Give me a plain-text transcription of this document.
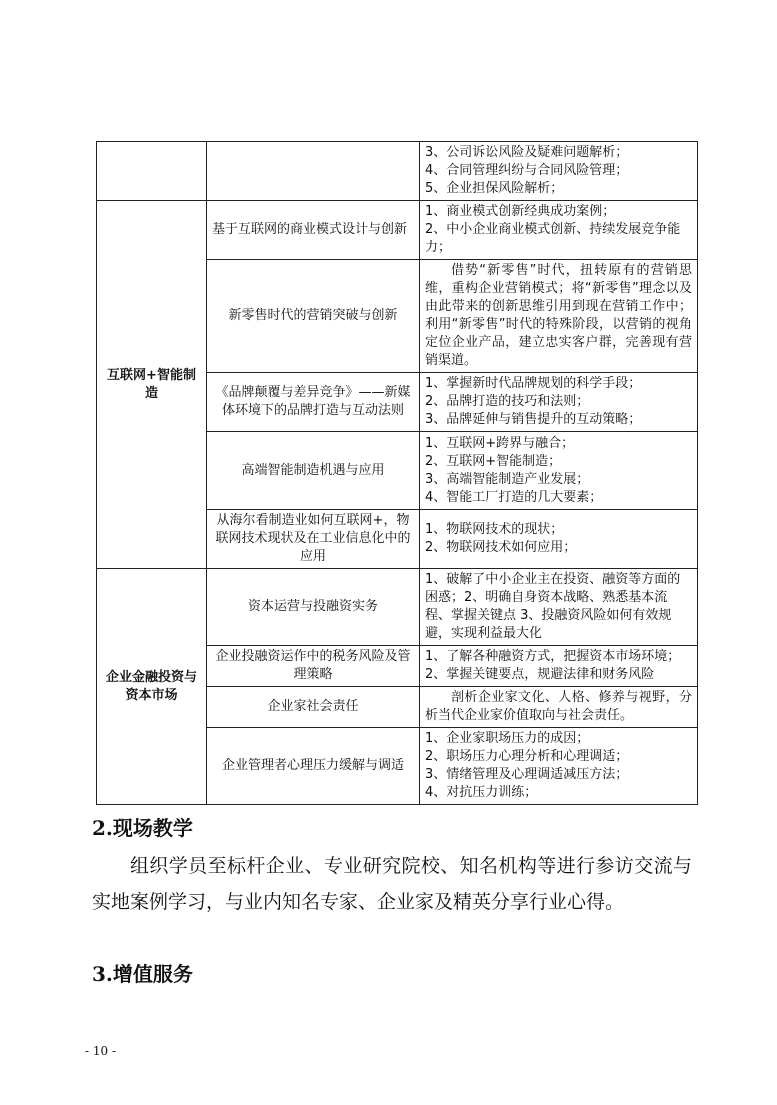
		3、公司诉讼风险及疑难问题解析；
4、合同管理纠纷与合同风险管理；
5、企业担保风险解析；

互联网+智能制造	基于互联网的商业模式设计与创新	1、商业模式创新经典成功案例；
2、中小企业商业模式创新、持续发展竞争能力；

	新零售时代的营销突破与创新	借势“新零售”时代，扭转原有的营销思维，重构企业营销模式；将“新零售”理念以及由此带来的创新思维引用到现在营销工作中；利用“新零售”时代的特殊阶段，以营销的视角定位企业产品，建立忠实客户群，完善现有营销渠道。

	《品牌颠覆与差异竞争》——新媒体环境下的品牌打造与互动法则	1、掌握新时代品牌规划的科学手段；
2、品牌打造的技巧和法则；
3、品牌延伸与销售提升的互动策略；

	高端智能制造机遇与应用	1、互联网+跨界与融合；
2、互联网+智能制造；
3、高端智能制造产业发展；
4、智能工厂打造的几大要素；

	从海尔看制造业如何互联网+，物联网技术现状及在工业信息化中的应用	1、物联网技术的现状；
2、物联网技术如何应用；

企业金融投资与资本市场	资本运营与投融资实务	1、破解了中小企业主在投资、融资等方面的困惑；2、明确自身资本战略、熟悉基本流程、掌握关键点 3、投融资风险如何有效规避，实现利益最大化

	企业投融资运作中的税务风险及管理策略	1、了解各种融资方式，把握资本市场环境；
2、掌握关键要点，规避法律和财务风险

	企业家社会责任	剖析企业家文化、人格、修养与视野，分析当代企业家价值取向与社会责任。

	企业管理者心理压力缓解与调适	1、企业家职场压力的成因；
2、职场压力心理分析和心理调适；
3、情绪管理及心理调适减压方法；
4、对抗压力训练；
2.现场教学
组织学员至标杆企业、专业研究院校、知名机构等进行参访交流与实地案例学习，与业内知名专家、企业家及精英分享行业心得。
3.增值服务
- 10 -
